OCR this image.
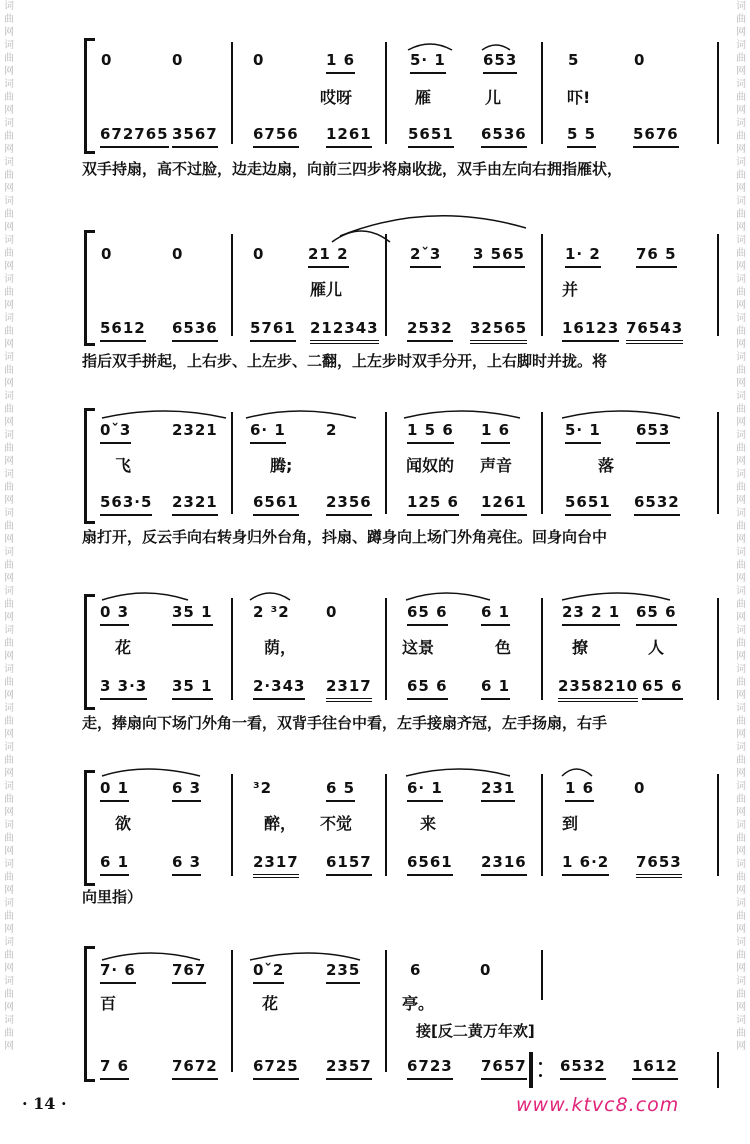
词曲网词曲网词曲网词曲网词曲网词曲网词曲网词曲网词曲网词曲网词曲网词曲网词曲网词曲网词曲网词曲网词曲网词曲网词曲网词曲网词曲网词曲网词曲网词曲网词曲网词曲网词曲网
词曲网词曲网词曲网词曲网词曲网词曲网词曲网词曲网词曲网词曲网词曲网词曲网词曲网词曲网词曲网词曲网词曲网词曲网词曲网词曲网词曲网词曲网词曲网词曲网词曲网词曲网词曲网
0	0	0	1 6	5· 1 653	5	0
哎呀	雁	儿	吓!
672765 3567 6756 1261 5651 6536	5 5 5676
双手持扇，高不过脸，边走边扇，向前三四步将扇收拢，双手由左向右拥指雁状，
0	0	0	21 2	2ˇ3 3 565	1· 2 76 5
雁儿	并
5612 6536 5761 212343 2532 32565 16123 76543
指后双手拼起，上右步、上左步、二翻，上左步时双手分开，上右脚时并拢。将
0ˇ3	2321 6· 1	2	1 5 6 1 6	5· 1 653
飞	腾;	闻奴的 声音	落
563·5 2321 6561 2356 125 6 1261	5651 6532
扇打开，反云手向右转身归外台角，抖扇、蹲身向上场门外角亮住。回身向台中
0 3	35 1	2 ³2 0	65 6 6 1	23 2 1 65 6
花	荫，	这景	色	撩	人
3 3·3 35 1	2·343 2317 65 6 6 1	2358210 65 6
走，捧扇向下场门外角一看，双背手往台中看，左手接扇齐冠，左手扬扇，右手
0 1	6 3	³2	6 5	6· 1	231	1 6	0
欲	醉， 不觉	来	到
6 1	6 3	2317 6157 6561 2316 1 6·2 7653
向里指）
7· 6 767	0ˇ2	235	6	0
百	花	亭。
接[反二黄万年欢]
7 6	7672 6725 2357 6723 7657 6532 1612
· 14 ·	www.ktvc8.com
